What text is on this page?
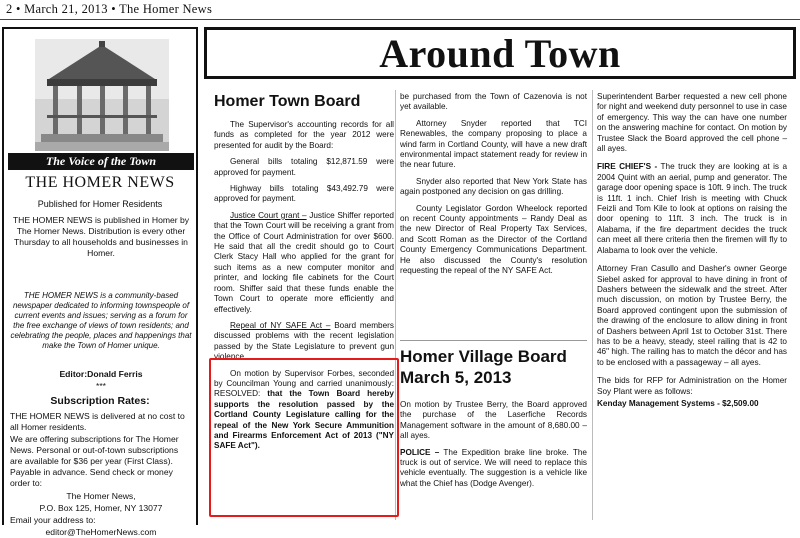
2 • March 21, 2013 • The Homer News
The Voice of the Town
THE HOMER NEWS
Published for Homer Residents
THE HOMER NEWS is published in Homer by The Homer News. Distribution is every other Thursday to all households and businesses in Homer.
THE HOMER NEWS is a community-based newspaper dedicated to informing townspeople of current events and issues; serving as a forum for the free exchange of views of town residents; and celebrating the people, places and happenings that make the Town of Homer unique.
Editor:Donald Ferris
***
Subscription Rates:
THE HOMER NEWS is delivered at no cost to all Homer residents.
We are offering subscriptions for The Homer News. Personal or out-of-town subscriptions are available for $36 per year (First Class). Payable in advance. Send check or money order to:
The Homer News,
P.O. Box 125, Homer, NY 13077
Email your address to:
editor@TheHomerNews.com
Around Town
Homer Town Board

The Supervisor's accounting records for all funds as completed for the year 2012 were presented for audit by the Board:

General bills totaling $12,871.59 were approved for payment.

Highway bills totaling $43,492.79 were approved for payment.

Justice Court grant – Justice Shiffer reported that the Town Court will be receiving a grant from the Office of Court Administration for over $600. He said that all the credit should go to Court Clerk Stacy Hall who applied for the grant for such items as a new computer monitor and printer, and locking file cabinets for the Court room. Shiffer said that these funds enable the Town Court to operate more efficiently and effectively.

Repeal of NY SAFE Act – Board members discussed problems with the recent legislation passed by the State Legislature to prevent gun violence.

On motion by Supervisor Forbes, seconded by Councilman Young and carried unanimously: RESOLVED: that the Town Board hereby supports the resolution passed by the Cortland County Legislature calling for the repeal of the New York Secure Ammunition and Firearms Enforcement Act of 2013 ("NY SAFE Act").

be purchased from the Town of Cazenovia is not yet available.

Attorney Snyder reported that TCI Renewables, the company proposing to place a wind farm in Cortland County, will have a new draft environmental impact statement ready for review in the near future.

Snyder also reported that New York State has again postponed any decision on gas drilling.

County Legislator Gordon Wheelock reported on recent County appointments – Randy Deal as the new Director of Real Property Tax Services, and Scott Roman as the Director of the Cortland County Emergency Communications Department. He also discussed the County's resolution requesting the repeal of the NY SAFE Act.

Homer Village Board March 5, 2013

On motion by Trustee Berry, the Board approved the purchase of the Laserfiche Records Management software in the amount of 8,680.00 – all ayes.

POLICE – The Expedition brake line broke. The truck is out of service. We will need to replace this vehicle eventually. The suggestion is a vehicle like what the Chief has (Dodge Avenger).

Superintendent Barber requested a new cell phone for night and weekend duty personnel to use in case of emergency. This way the can have one number on the answering machine for contact. On motion by Trustee Slack the Board approved the cell phone – all ayes.

FIRE CHIEF'S - The truck they are looking at is a 2004 Quint with an aerial, pump and generator. The garage door opening space is 10ft. 9 inch. The truck is 11ft. 1 inch. Chief Irish is meeting with Chuck Feizli and Tom Kile to look at options on raising the door opening to 11ft. 3 inch. The truck is in Alabama, if the fire department decides the truck can meet all there criteria then the firemen will fly to Alabama to look over the vehicle.

Attorney Fran Casullo and Dasher's owner George Siebel asked for approval to have dining in front of Dashers between the sidewalk and the street. After much discussion, on motion by Trustee Berry, the Board approved contingent upon the submission of the drawing of the enclosure to allow dining in front of Dashers between April 1st to October 31st. There has to be a heavy, steady, steel railing that is 42 to 46" high. The railing has to match the décor and has to be enclosed with a passageway – all ayes.

The bids for RFP for Administration on the Homer Soy Plant were as follows:

Kenday Management Systems - $2,509.00
